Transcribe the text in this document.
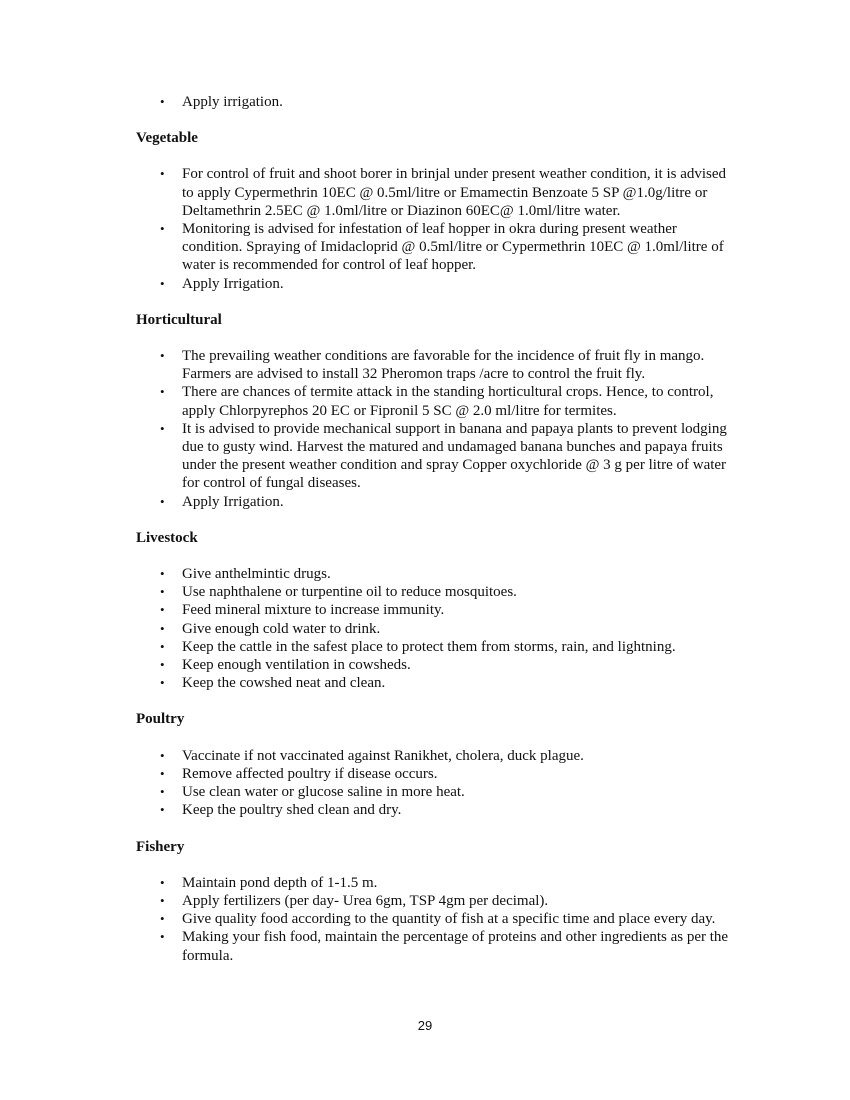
• Apply irrigation.
Vegetable
• For control of fruit and shoot borer in brinjal under present weather condition, it is advised to apply Cypermethrin 10EC @ 0.5ml/litre or Emamectin Benzoate 5 SP @1.0g/litre or Deltamethrin 2.5EC @ 1.0ml/litre or Diazinon 60EC@ 1.0ml/litre water.
• Monitoring is advised for infestation of leaf hopper in okra during present weather condition. Spraying of Imidacloprid @ 0.5ml/litre or Cypermethrin 10EC @ 1.0ml/litre of water is recommended for control of leaf hopper.
• Apply Irrigation.
Horticultural
• The prevailing weather conditions are favorable for the incidence of fruit fly in mango. Farmers are advised to install 32 Pheromon traps /acre to control the fruit fly.
• There are chances of termite attack in the standing horticultural crops. Hence, to control, apply Chlorpyrephos 20 EC or Fipronil 5 SC @ 2.0 ml/litre for termites.
• It is advised to provide mechanical support in banana and papaya plants to prevent lodging due to gusty wind. Harvest the matured and undamaged banana bunches and papaya fruits under the present weather condition and spray Copper oxychloride @ 3 g per litre of water for control of fungal diseases.
• Apply Irrigation.
Livestock
• Give anthelmintic drugs.
• Use naphthalene or turpentine oil to reduce mosquitoes.
• Feed mineral mixture to increase immunity.
• Give enough cold water to drink.
• Keep the cattle in the safest place to protect them from storms, rain, and lightning.
• Keep enough ventilation in cowsheds.
• Keep the cowshed neat and clean.
Poultry
• Vaccinate if not vaccinated against Ranikhet, cholera, duck plague.
• Remove affected poultry if disease occurs.
• Use clean water or glucose saline in more heat.
• Keep the poultry shed clean and dry.
Fishery
• Maintain pond depth of 1-1.5 m.
• Apply fertilizers (per day- Urea 6gm, TSP 4gm per decimal).
• Give quality food according to the quantity of fish at a specific time and place every day.
• Making your fish food, maintain the percentage of proteins and other ingredients as per the formula.
29
